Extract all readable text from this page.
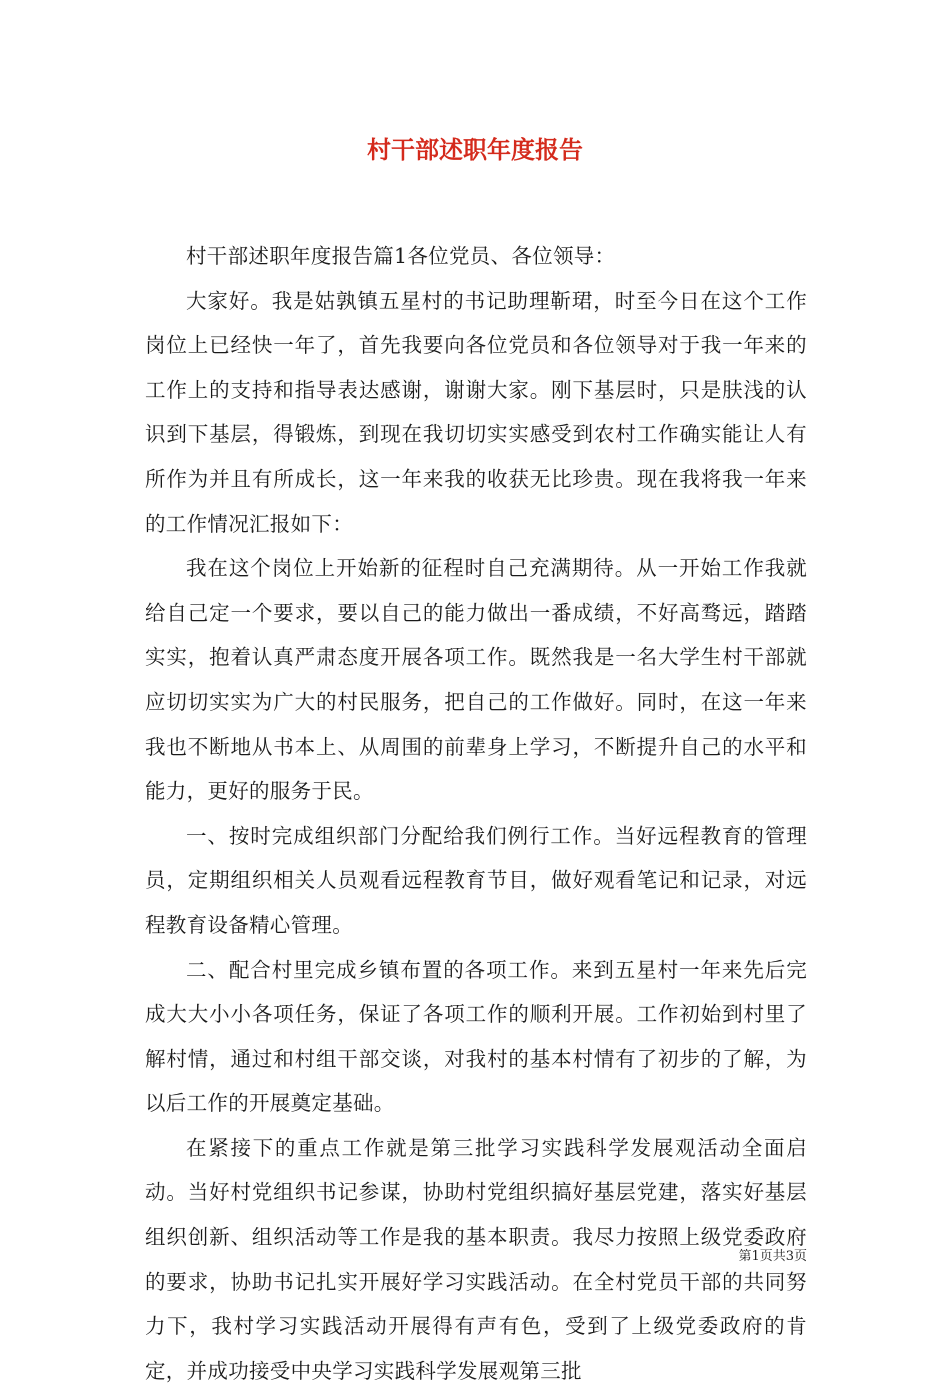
村干部述职年度报告

村干部述职年度报告篇1各位党员、各位领导：

大家好。我是姑孰镇五星村的书记助理靳珺，时至今日在这个工作岗位上已经快一年了，首先我要向各位党员和各位领导对于我一年来的工作上的支持和指导表达感谢，谢谢大家。刚下基层时，只是肤浅的认识到下基层，得锻炼，到现在我切切实实感受到农村工作确实能让人有所作为并且有所成长，这一年来我的收获无比珍贵。现在我将我一年来的工作情况汇报如下：

我在这个岗位上开始新的征程时自己充满期待。从一开始工作我就给自己定一个要求，要以自己的能力做出一番成绩，不好高骛远，踏踏实实，抱着认真严肃态度开展各项工作。既然我是一名大学生村干部就应切切实实为广大的村民服务，把自己的工作做好。同时，在这一年来我也不断地从书本上、从周围的前辈身上学习，不断提升自己的水平和能力，更好的服务于民。

一、按时完成组织部门分配给我们例行工作。当好远程教育的管理员，定期组织相关人员观看远程教育节目，做好观看笔记和记录，对远程教育设备精心管理。

二、配合村里完成乡镇布置的各项工作。来到五星村一年来先后完成大大小小各项任务，保证了各项工作的顺利开展。工作初始到村里了解村情，通过和村组干部交谈，对我村的基本村情有了初步的了解，为以后工作的开展奠定基础。

在紧接下的重点工作就是第三批学习实践科学发展观活动全面启动。当好村党组织书记参谋，协助村党组织搞好基层党建，落实好基层组织创新、组织活动等工作是我的基本职责。我尽力按照上级党委政府的要求，协助书记扎实开展好学习实践活动。在全村党员干部的共同努力下，我村学习实践活动开展得有声有色，受到了上级党委政府的肯定，并成功接受中央学习实践科学发展观第三批

第1页共3页
